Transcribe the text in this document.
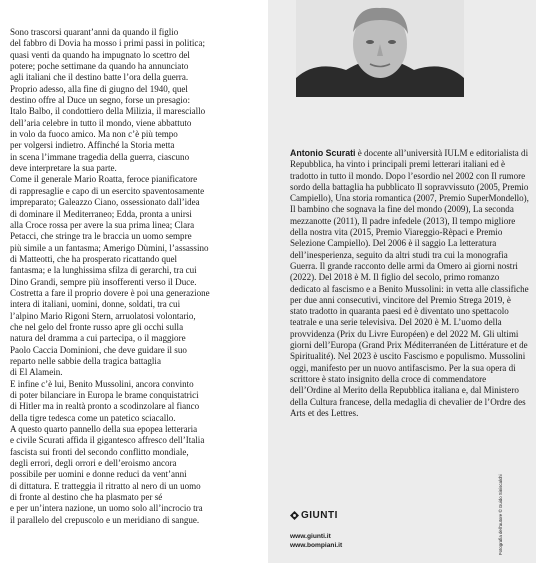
Sono trascorsi quarant’anni da quando il figlio

del fabbro di Dovia ha mosso i primi passi in politica;

quasi venti da quando ha impugnato lo scettro del

potere; poche settimane da quando ha annunciato

agli italiani che il destino batte l’ora della guerra.

Proprio adesso, alla fine di giugno del 1940, quel

destino offre al Duce un segno, forse un presagio:

Italo Balbo, il condottiero della Milizia, il maresciallo

dell’aria celebre in tutto il mondo, viene abbattuto

in volo da fuoco amico. Ma non c’è più tempo

per volgersi indietro. Affinché la Storia metta

in scena l’immane tragedia della guerra, ciascuno

deve interpretare la sua parte.

Come il generale Mario Roatta, feroce pianificatore

di rappresaglie e capo di un esercito spaventosamente

impreparato; Galeazzo Ciano, ossessionato dall’idea

di dominare il Mediterraneo; Edda, pronta a unirsi

alla Croce rossa per avere la sua prima linea; Clara

Petacci, che stringe tra le braccia un uomo sempre

più simile a un fantasma; Amerigo Dùmini, l’assassino

di Matteotti, che ha prosperato ricattando quel

fantasma; e la lunghissima sfilza di gerarchi, tra cui

Dino Grandi, sempre più insofferenti verso il Duce.

Costretta a fare il proprio dovere è poi una generazione

intera di italiani, uomini, donne, soldati, tra cui

l’alpino Mario Rigoni Stern, arruolatosi volontario,

che nel gelo del fronte russo apre gli occhi sulla

natura del dramma a cui partecipa, o il maggiore

Paolo Caccia Dominioni, che deve guidare il suo

reparto nelle sabbie della tragica battaglia

di El Alamein.

E infine c’è lui, Benito Mussolini, ancora convinto

di poter bilanciare in Europa le brame conquistatrici

di Hitler ma in realtà pronto a scodinzolare al fianco

della tigre tedesca come un patetico sciacallo.

A questo quarto pannello della sua epopea letteraria

e civile Scurati affida il gigantesco affresco dell’Italia

fascista sui fronti del secondo conflitto mondiale,

degli errori, degli orrori e dell’eroismo ancora

possibile per uomini e donne reduci da vent’anni

di dittatura. E tratteggia il ritratto al nero di un uomo

di fronte al destino che ha plasmato per sé

e per un’intera nazione, un uomo solo all’incrocio tra

il parallelo del crepuscolo e un meridiano di sangue.

Antonio Scurati è docente all’università IULM e editorialista di Repubblica, ha vinto i principali premi letterari italiani ed è tradotto in tutto il mondo. Dopo l’esordio nel 2002 con Il rumore sordo della battaglia ha pubblicato Il sopravvissuto (2005, Premio Campiello), Una storia romantica (2007, Premio SuperMondello), Il bambino che sognava la fine del mondo (2009), La seconda mezzanotte (2011), Il padre infedele (2013), Il tempo migliore della nostra vita (2015, Premio Viareggio-Rèpaci e Premio Selezione Campiello). Del 2006 è il saggio La letteratura dell’inesperienza, seguito da altri studi tra cui la monografia Guerra. Il grande racconto delle armi da Omero ai giorni nostri (2022). Del 2018 è M. Il figlio del secolo, primo romanzo dedicato al fascismo e a Benito Mussolini: in vetta alle classifiche per due anni consecutivi, vincitore del Premio Strega 2019, è stato tradotto in quaranta paesi ed è diventato uno spettacolo teatrale e una serie televisiva. Del 2020 è M. L’uomo della provvidenza (Prix du Livre Européen) e del 2022 M. Gli ultimi giorni dell’Europa (Grand Prix Méditerranéen de Littérature et de Spiritualité). Nel 2023 è uscito Fascismo e populismo. Mussolini oggi, manifesto per un nuovo antifascismo. Per la sua opera di scrittore è stato insignito della croce di commendatore dell’Ordine al Merito della Repubblica italiana e, dal Ministero della Cultura francese, della medaglia di chevalier de l’Ordre des Arts et des Lettres.

GIUNTI
www.giunti.it
www.bompiani.it	Fotografia dell’autore © Guido Siniscalchi
